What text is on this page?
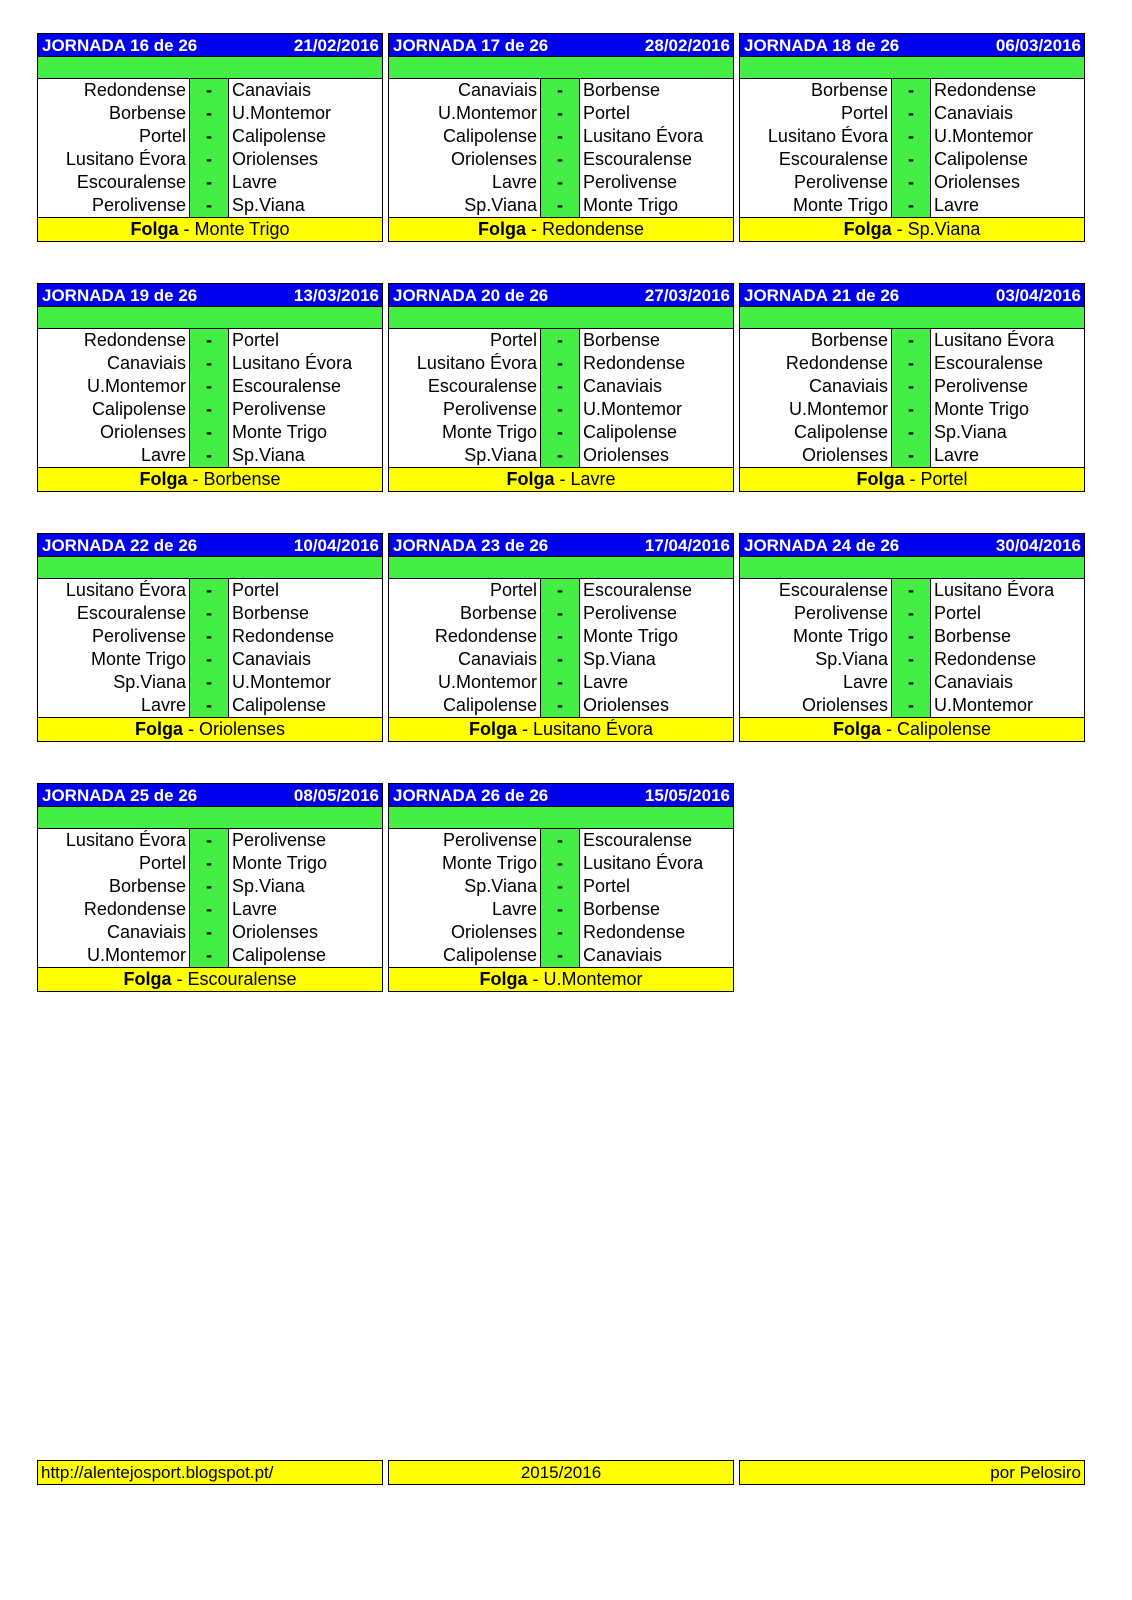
JORNADA 16 de 26	21/02/2016
Redondense	-	Canaviais
Borbense	-	U.Montemor
Portel	-	Calipolense
Lusitano Évora	-	Oriolenses
Escouralense	-	Lavre
Perolivense	-	Sp.Viana
Folga - Monte Trigo
JORNADA 17 de 26	28/02/2016
Canaviais	-	Borbense
U.Montemor	-	Portel
Calipolense	-	Lusitano Évora
Oriolenses	-	Escouralense
Lavre	-	Perolivense
Sp.Viana	-	Monte Trigo
Folga - Redondense
JORNADA 18 de 26	06/03/2016
Borbense	-	Redondense
Portel	-	Canaviais
Lusitano Évora	-	U.Montemor
Escouralense	-	Calipolense
Perolivense	-	Oriolenses
Monte Trigo	-	Lavre
Folga - Sp.Viana
JORNADA 19 de 26	13/03/2016
Redondense	-	Portel
Canaviais	-	Lusitano Évora
U.Montemor	-	Escouralense
Calipolense	-	Perolivense
Oriolenses	-	Monte Trigo
Lavre	-	Sp.Viana
Folga - Borbense
JORNADA 20 de 26	27/03/2016
Portel	-	Borbense
Lusitano Évora	-	Redondense
Escouralense	-	Canaviais
Perolivense	-	U.Montemor
Monte Trigo	-	Calipolense
Sp.Viana	-	Oriolenses
Folga - Lavre
JORNADA 21 de 26	03/04/2016
Borbense	-	Lusitano Évora
Redondense	-	Escouralense
Canaviais	-	Perolivense
U.Montemor	-	Monte Trigo
Calipolense	-	Sp.Viana
Oriolenses	-	Lavre
Folga - Portel
JORNADA 22 de 26	10/04/2016
Lusitano Évora	-	Portel
Escouralense	-	Borbense
Perolivense	-	Redondense
Monte Trigo	-	Canaviais
Sp.Viana	-	U.Montemor
Lavre	-	Calipolense
Folga - Oriolenses
JORNADA 23 de 26	17/04/2016
Portel	-	Escouralense
Borbense	-	Perolivense
Redondense	-	Monte Trigo
Canaviais	-	Sp.Viana
U.Montemor	-	Lavre
Calipolense	-	Oriolenses
Folga - Lusitano Évora
JORNADA 24 de 26	30/04/2016
Escouralense	-	Lusitano Évora
Perolivense	-	Portel
Monte Trigo	-	Borbense
Sp.Viana	-	Redondense
Lavre	-	Canaviais
Oriolenses	-	U.Montemor
Folga - Calipolense
JORNADA 25 de 26	08/05/2016
Lusitano Évora	-	Perolivense
Portel	-	Monte Trigo
Borbense	-	Sp.Viana
Redondense	-	Lavre
Canaviais	-	Oriolenses
U.Montemor	-	Calipolense
Folga - Escouralense
JORNADA 26 de 26	15/05/2016
Perolivense	-	Escouralense
Monte Trigo	-	Lusitano Évora
Sp.Viana	-	Portel
Lavre	-	Borbense
Oriolenses	-	Redondense
Calipolense	-	Canaviais
Folga - U.Montemor
http://alentejosport.blogspot.pt/	2015/2016	por Pelosiro
